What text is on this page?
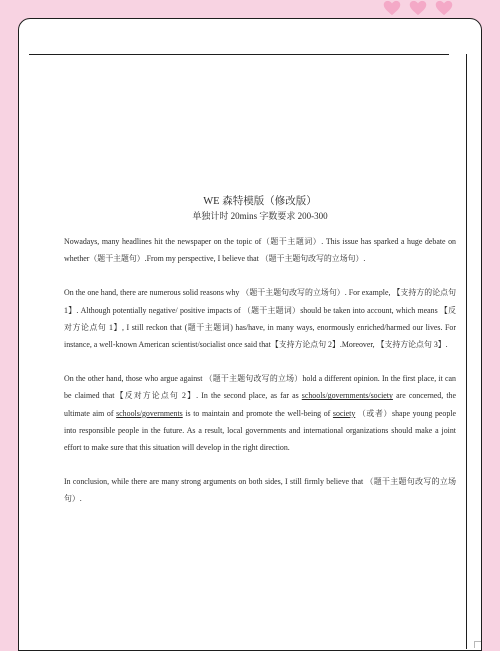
WE 森特模版（修改版）

单独计时 20mins 字数要求 200-300

Nowadays, many headlines hit the newspaper on the topic of（题干主题词）. This issue has sparked a huge debate on whether（题干主题句）.From my perspective, I believe that （题干主题句改写的立场句）.

On the one hand, there are numerous solid reasons why （题干主题句改写的立场句）. For example, 【支持方的论点句 1】. Although potentially negative/ positive impacts of （题干主题词）should be taken into account, which means 【反对方论点句 1】, I still reckon that (题干主题词) has/have, in many ways, enormously enriched/harmed our lives. For instance, a well-known American scientist/socialist once said that【支持方论点句 2】.Moreover, 【支持方论点句 3】.

On the other hand, those who argue against （题干主题句改写的立场）hold a different opinion. In the first place, it can be claimed that【反对方论点句 2】. In the second place, as far as schools/governments/society are concerned, the ultimate aim of schools/governments is to maintain and promote the well-being of society （或者）shape young people into responsible people in the future. As a result, local governments and international organizations should make a joint effort to make sure that this situation will develop in the right direction.

In conclusion, while there are many strong arguments on both sides, I still firmly believe that （题干主题句改写的立场句）.
